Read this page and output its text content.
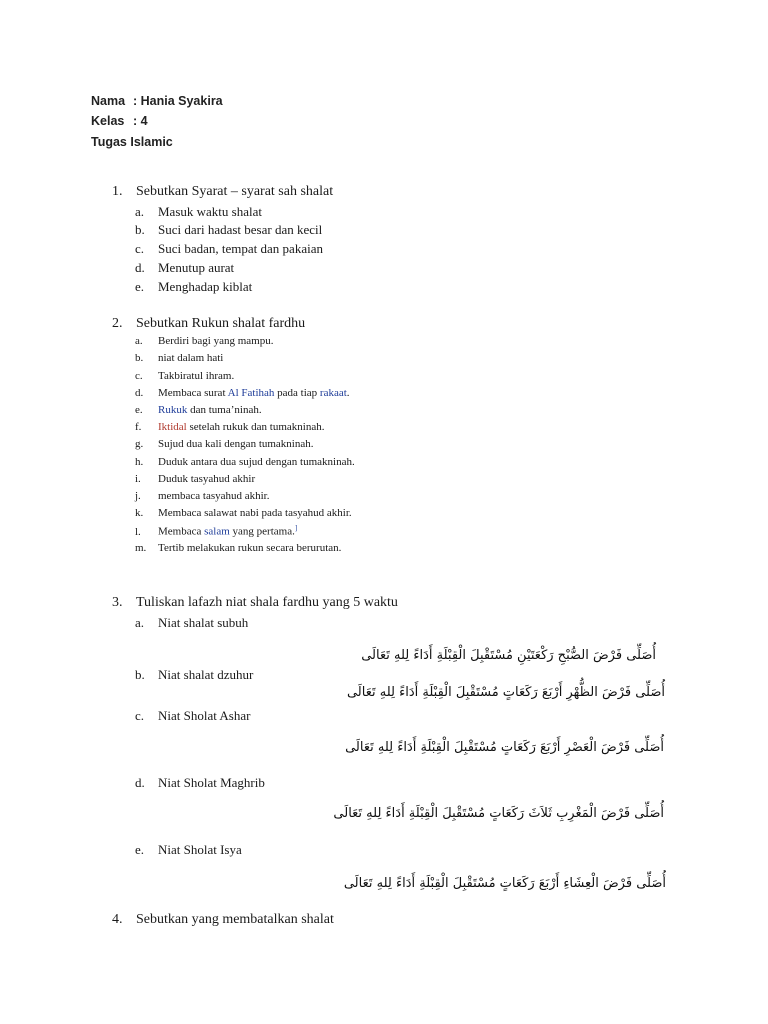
Nama : Hania Syakira
Kelas : 4
Tugas Islamic
1. Sebutkan Syarat – syarat sah shalat
a. Masuk waktu shalat
b. Suci dari hadast besar dan kecil
c. Suci badan, tempat dan pakaian
d. Menutup aurat
e. Menghadap kiblat
2. Sebutkan Rukun shalat fardhu
a. Berdiri bagi yang mampu.
b. niat dalam hati
c. Takbiratul ihram.
d. Membaca surat Al Fatihah pada tiap rakaat.
e. Rukuk dan tuma’ninah.
f. Iktidal setelah rukuk dan tumakninah.
g. Sujud dua kali dengan tumakninah.
h. Duduk antara dua sujud dengan tumakninah.
i. Duduk tasyahud akhir
j. membaca tasyahud akhir.
k. Membaca salawat nabi pada tasyahud akhir.
l. Membaca salam yang pertama.]
m. Tertib melakukan rukun secara berurutan.
3. Tuliskan lafazh niat shala fardhu yang 5 waktu
a. Niat shalat subuh
أُصَلِّى فَرْضَ الصُّبْحِ رَكْعَتَيْنِ مُسْتَقْبِلَ الْقِبْلَةِ أَدَاءً لِلهِ تَعَالَى
b. Niat shalat dzuhur
أُصَلِّى فَرْضَ الظُّهْرِ أَرْبَعَ رَكَعَاتٍ مُسْتَقْبِلَ الْقِبْلَةِ أَدَاءً لِلهِ تَعَالَى
c. Niat Sholat Ashar
أُصَلِّى فَرْضَ الْعَصْرِ أَرْبَعَ رَكَعَاتٍ مُسْتَقْبِلَ الْقِبْلَةِ أَدَاءً لِلهِ تَعَالَى
d. Niat Sholat Maghrib
أُصَلِّى فَرْضَ الْمَغْرِبِ ثَلاَثَ رَكَعَاتٍ مُسْتَقْبِلَ الْقِبْلَةِ أَدَاءً لِلهِ تَعَالَى
e. Niat Sholat Isya
أُصَلِّى فَرْضَ الْعِشَاءِ أَرْبَعَ رَكَعَاتٍ مُسْتَقْبِلَ الْقِبْلَةِ أَدَاءً لِلهِ تَعَالَى
4. Sebutkan yang membatalkan shalat
